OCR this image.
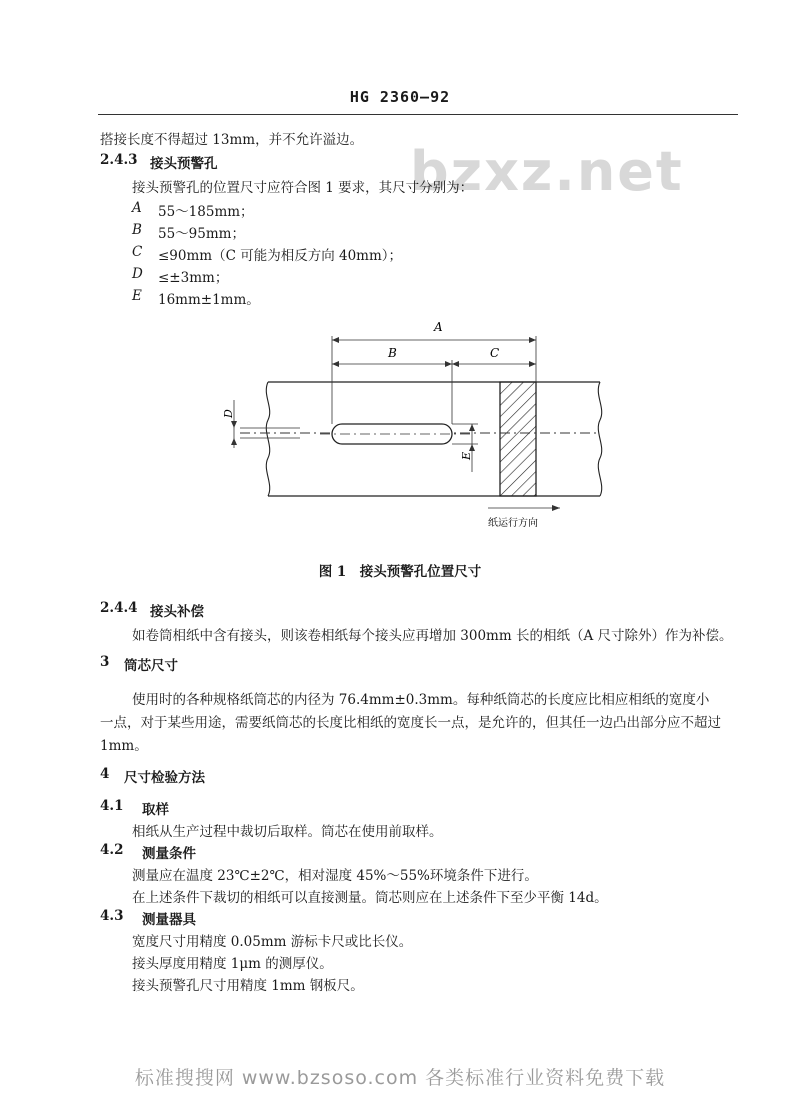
HG 2360—92
bzxz.net
搭接长度不得超过 13mm，并不允许溢边。
2.4.3 接头预警孔
接头预警孔的位置尺寸应符合图 1 要求，其尺寸分别为：
A 55～185mm；
B 55～95mm；
C ≤90mm（C 可能为相反方向 40mm）；
D ≤±3mm；
E 16mm±1mm。
A
B	C
D
E
纸运行方向
图 1　接头预警孔位置尺寸
2.4.4 接头补偿
如卷筒相纸中含有接头，则该卷相纸每个接头应再增加 300mm 长的相纸（A 尺寸除外）作为补偿。
3 筒芯尺寸
使用时的各种规格纸筒芯的内径为 76.4mm±0.3mm。每种纸筒芯的长度应比相应相纸的宽度小
一点，对于某些用途，需要纸筒芯的长度比相纸的宽度长一点，是允许的，但其任一边凸出部分应不超过
1mm。
4 尺寸检验方法
4.1 取样
相纸从生产过程中裁切后取样。筒芯在使用前取样。
4.2 测量条件
测量应在温度 23℃±2℃，相对湿度 45%～55%环境条件下进行。
在上述条件下裁切的相纸可以直接测量。筒芯则应在上述条件下至少平衡 14d。
4.3 测量器具
宽度尺寸用精度 0.05mm 游标卡尺或比长仪。
接头厚度用精度 1μm 的测厚仪。
接头预警孔尺寸用精度 1mm 钢板尺。
标准搜搜网 www.bzsoso.com 各类标准行业资料免费下载
